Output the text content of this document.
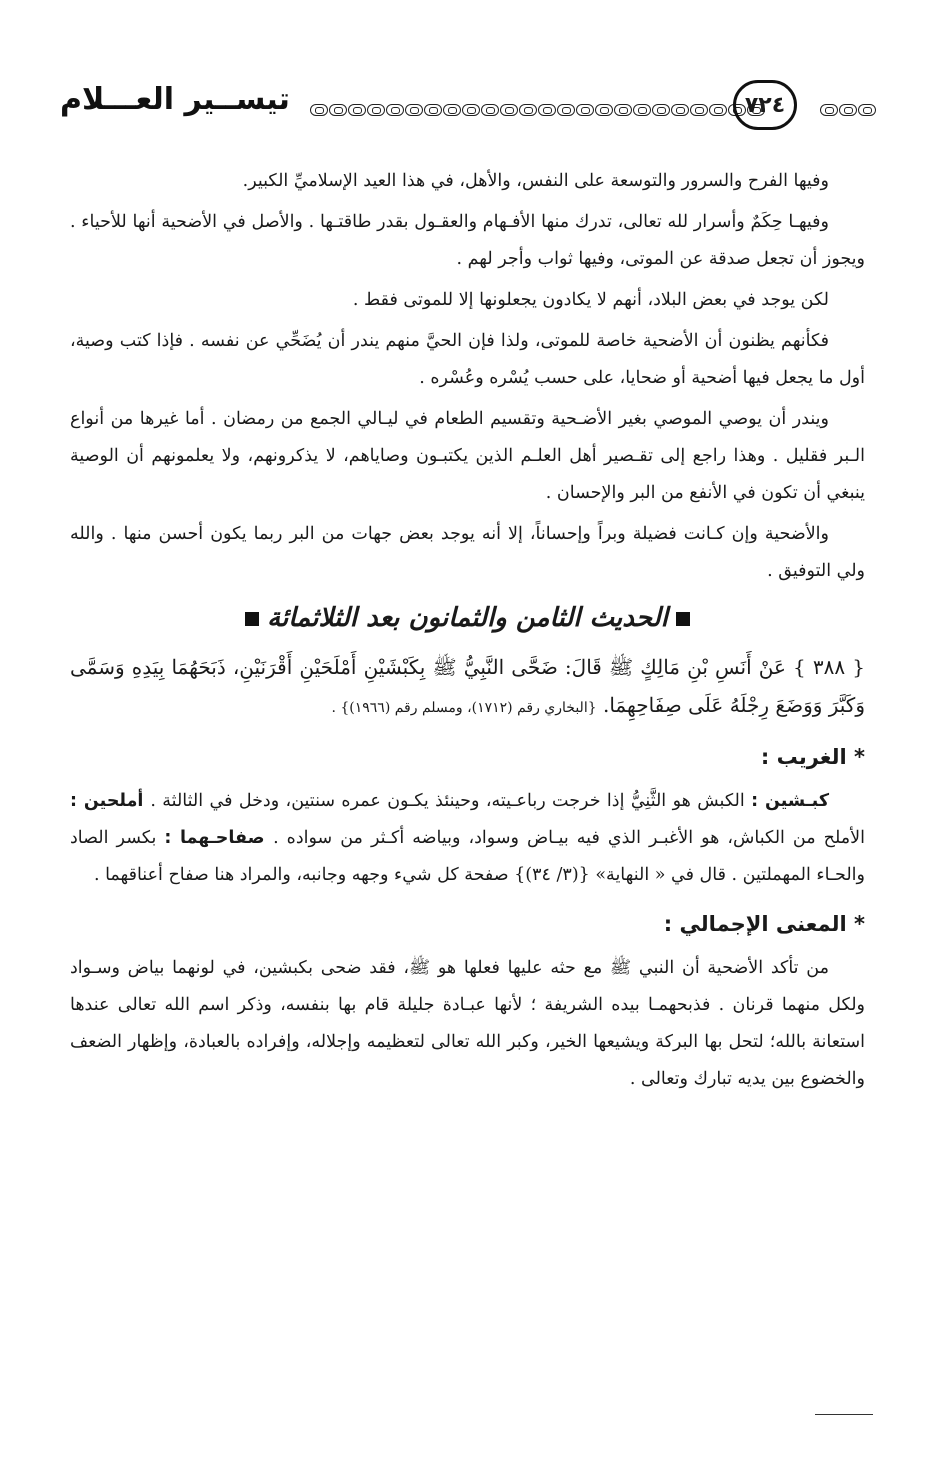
تيســير العـــلام	٧٢٤

وفيها الفرح والسرور والتوسعة على النفس، والأهل، في هذا العيد الإسلاميِّ الكبير.

وفيهـا حِكَمٌ وأسرار لله تعالى، تدرك منها الأفـهام والعقـول بقدر طاقتـها . والأصل في الأضحية أنها للأحياء . ويجوز أن تجعل صدقة عن الموتى، وفيها ثواب وأجر لهم .

لكن يوجد في بعض البلاد، أنهم لا يكادون يجعلونها إلا للموتى فقط .

فكأنهم يظنون أن الأضحية خاصة للموتى، ولذا فإن الحيَّ منهم يندر أن يُضَحِّي عن نفسه . فإذا كتب وصية، أول ما يجعل فيها أضحية أو ضحايا، على حسب يُسْره وعُسْره .

ويندر أن يوصي الموصي بغير الأضـحية وتقسيم الطعام في ليـالي الجمع من رمضان . أما غيرها من أنواع الـبر فقليل . وهذا راجع إلى تقـصير أهل العلـم الذين يكتبـون وصاياهم، لا يذكرونهم، ولا يعلمونهم أن الوصية ينبغي أن تكون في الأنفع من البر والإحسان .

والأضحية وإن كـانت فضيلة وبراً وإحساناً، إلا أنه يوجد بعض جهات من البر ربما يكون أحسن منها . والله ولي التوفيق .

الحديث الثامن والثمانون بعد الثلاثمائة

{ ٣٨٨ } عَنْ أَنَسِ بْنِ مَالِكٍ ﷺ قَالَ: ضَحَّى النَّبِيُّ ﷺ بِكَبْشَيْنِ أَمْلَحَيْنِ أَقْرَنَيْنِ، ذَبَحَهُمَا بِيَدِهِ وَسَمَّى وَكَبَّرَ وَوَضَعَ رِجْلَهُ عَلَى صِفَاحِهِمَا. {البخاري رقم (١٧١٢)، ومسلم رقم (١٩٦٦)} .

* الغريب :

كبـشين : الكبش هو الثَّنِيُّ إذا خرجت رباعـيته، وحينئذ يكـون عمره سنتين، ودخل في الثالثة . أملحين : الأملح من الكباش، هو الأغبـر الذي فيه بيـاض وسواد، وبياضه أكـثر من سواده . صفاحـهما : بكسر الصاد والحـاء المهملتين . قال في « النهاية» {(٣/ ٣٤)} صفحة كل شيء وجهه وجانبه، والمراد هنا صفاح أعناقهما .

* المعنى الإجمالي :

من تأكد الأضحية أن النبي ﷺ مع حثه عليها فعلها هو ﷺ، فقد ضحى بكبشين، في لونهما بياض وسـواد ولكل منهما قرنان . فذبحهمـا بيده الشريفة ؛ لأنها عبـادة جليلة قام بها بنفسه، وذكر اسم الله تعالى عندها استعانة بالله؛ لتحل بها البركة ويشيعها الخير، وكبر الله تعالى لتعظيمه وإجلاله، وإفراده بالعبادة، وإظهار الضعف والخضوع بين يديه تبارك وتعالى .
